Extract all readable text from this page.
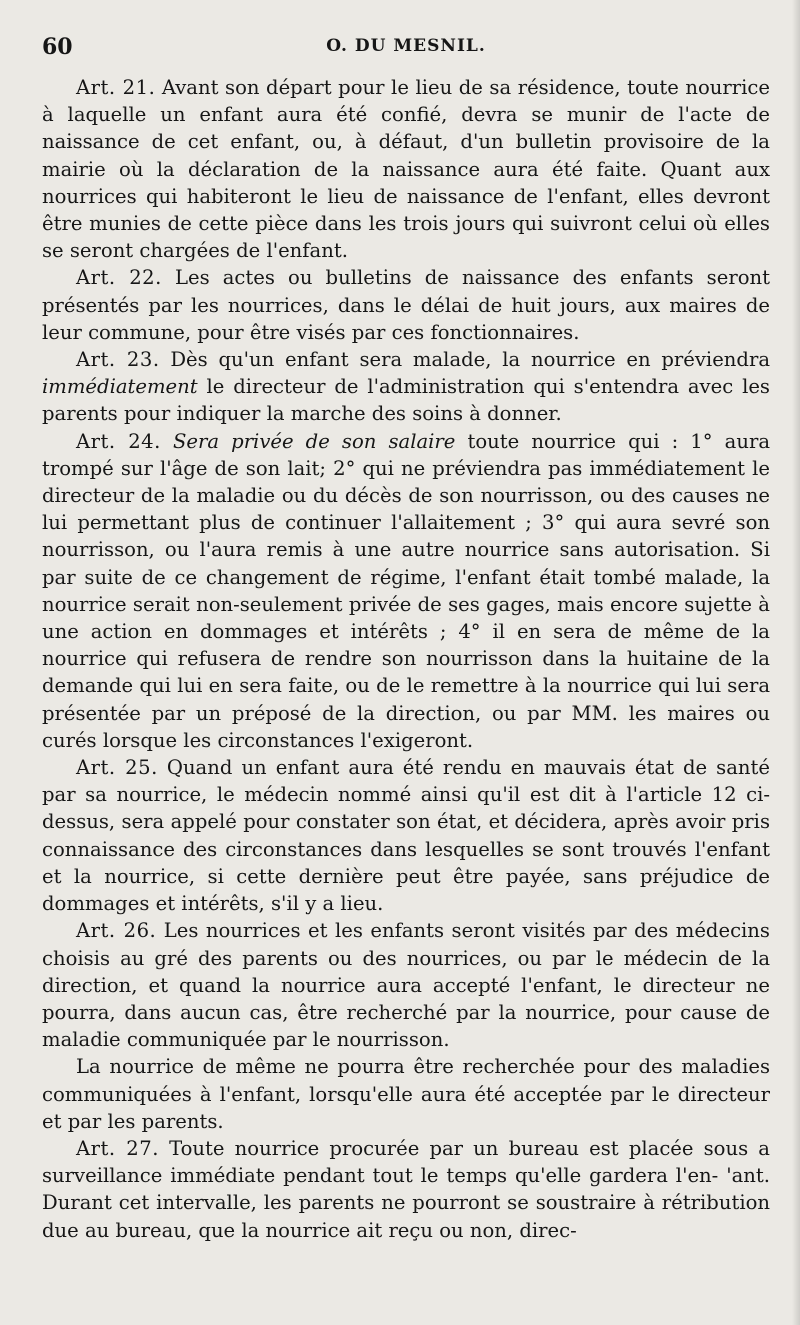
60	O. DU MESNIL.

Art. 21. Avant son départ pour le lieu de sa résidence, toute nourrice à laquelle un enfant aura été confié, devra se munir de l'acte de naissance de cet enfant, ou, à défaut, d'un bulletin provisoire de la mairie où la déclaration de la naissance aura été faite. Quant aux nourrices qui habiteront le lieu de naissance de l'enfant, elles devront être munies de cette pièce dans les trois jours qui suivront celui où elles se seront chargées de l'enfant.

Art. 22. Les actes ou bulletins de naissance des enfants seront présentés par les nourrices, dans le délai de huit jours, aux maires de leur commune, pour être visés par ces fonctionnaires.

Art. 23. Dès qu'un enfant sera malade, la nourrice en préviendra immédiatement le directeur de l'administration qui s'entendra avec les parents pour indiquer la marche des soins à donner.

Art. 24. Sera privée de son salaire toute nourrice qui : 1° aura trompé sur l'âge de son lait; 2° qui ne préviendra pas immédiatement le directeur de la maladie ou du décès de son nourrisson, ou des causes ne lui permettant plus de continuer l'allaitement ; 3° qui aura sevré son nourrisson, ou l'aura remis à une autre nourrice sans autorisation. Si par suite de ce changement de régime, l'enfant était tombé malade, la nourrice serait non-seulement privée de ses gages, mais encore sujette à une action en dommages et intérêts ; 4° il en sera de même de la nourrice qui refusera de rendre son nourrisson dans la huitaine de la demande qui lui en sera faite, ou de le remettre à la nourrice qui lui sera présentée par un préposé de la direction, ou par MM. les maires ou curés lorsque les circonstances l'exigeront.

Art. 25. Quand un enfant aura été rendu en mauvais état de santé par sa nourrice, le médecin nommé ainsi qu'il est dit à l'article 12 ci-dessus, sera appelé pour constater son état, et décidera, après avoir pris connaissance des circonstances dans lesquelles se sont trouvés l'enfant et la nourrice, si cette dernière peut être payée, sans préjudice de dommages et intérêts, s'il y a lieu.

Art. 26. Les nourrices et les enfants seront visités par des médecins choisis au gré des parents ou des nourrices, ou par le médecin de la direction, et quand la nourrice aura accepté l'enfant, le directeur ne pourra, dans aucun cas, être recherché par la nourrice, pour cause de maladie communiquée par le nourrisson.

La nourrice de même ne pourra être recherchée pour des maladies communiquées à l'enfant, lorsqu'elle aura été acceptée par le directeur et par les parents.

Art. 27. Toute nourrice procurée par un bureau est placée sous a surveillance immédiate pendant tout le temps qu'elle gardera l'en- 'ant. Durant cet intervalle, les parents ne pourront se soustraire à rétribution due au bureau, que la nourrice ait reçu ou non, direc-
